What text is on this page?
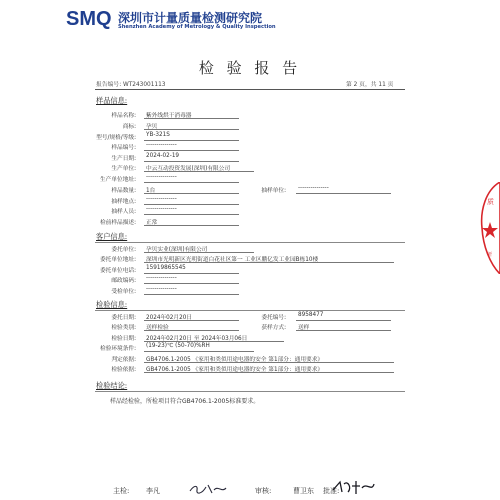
SMQ 深圳市计量质量检测研究院
Shenzhen Academy of Metrology & Quality Inspection
检 验 报 告
报告编号: WT243001113	第 2 页，共 11 页
样品信息:
样品名称: 紫外线烘干消毒器
商标: 孕贝
型号/规格/等级: YB-321S
样品编号: ---------------
生产日期: 2024-02-19
生产单位: 中云互动投资发展(深圳)有限公司
生产单位地址: ---------------
样品数量: 1台	抽样单位: ---------------
抽样地点: ---------------
抽样人员: ---------------
检前样品描述: 正常
客户信息:
委托单位: 孕贝实业(深圳)有限公司
委托单位地址: 深圳市光明新区光明街道白花社区第一 工业区鹏亿发工业园B栋10楼
委托单位电话: 15919865545
邮政编码: ---------------
受检单位: ---------------
检验信息:
委托日期: 2024年02月20日	委托编号: 8958477
检验类别: 送样检验	获样方式: 送样
检验日期: 2024年02月20日 至 2024年03月06日
检验环境条件: (19-23)℃ (50-70)%RH
判定依据: GB4706.1-2005 《家用和类似用途电器的安全 第1部分：通用要求》
检验依据: GB4706.1-2005 《家用和类似用途电器的安全 第1部分：通用要求》
检验结论:
样品经检验，所检项目符合GB4706.1-2005标准要求。
主检: 李凡	审核:	曹卫东 批准:
质
研
